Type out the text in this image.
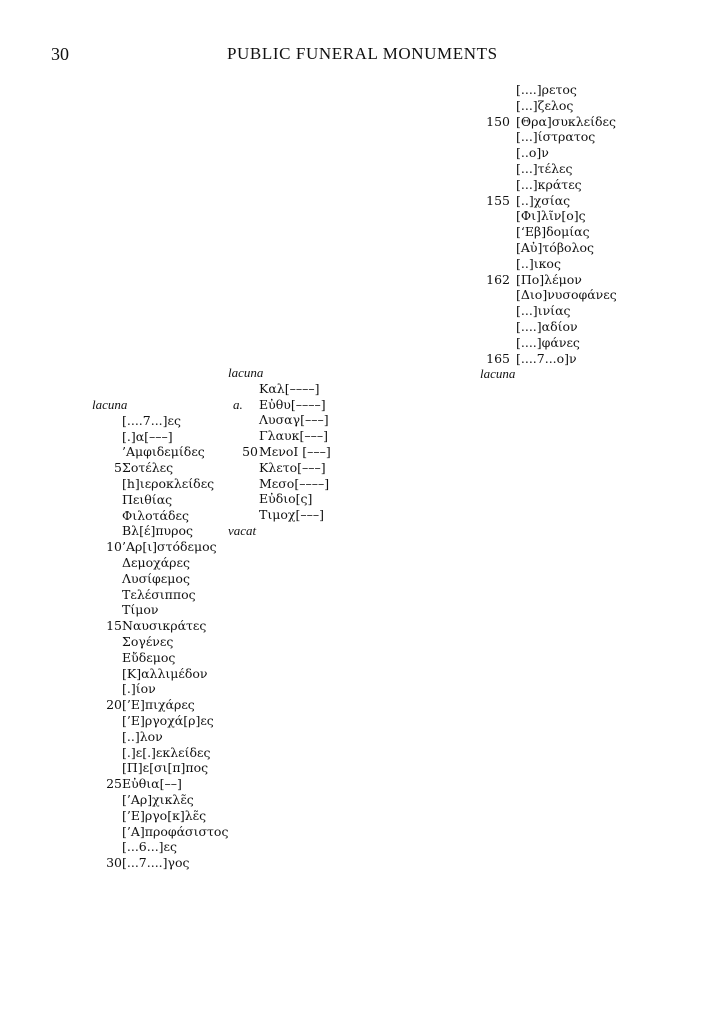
30	PUBLIC FUNERAL MONUMENTS
lacuna
[....7...]ες
[.]α[–––]
’Αμφιδεμίδες
5 Σοτέλες
[h]ιεροκλείδες
Πειθίας
Φιλοτάδες
Βλ[έ]πυρος
10 ’Αρ[ι]στόδεμος
Δεμοχάρες
Λυσίφεμος
Τελέσιππος
Τίμον
15 Ναυσικράτες
Σογένες
Εὔδεμος
[Κ]αλλιμέδον
[.]ίον
20 [’Ε]πιχάρες
[’Ε]ργοχά[ρ]ες
[..]λον
[.]ε[.]εκλείδες
[Π]ε[σι[π]πος
25 Εὐθια[––]
[’Αρ]χικλε̃ς
[’Ε]ργο[κ]λε̃ς
[’Α]προφάσιστος
[...6...]ες
30 [...7....]γος
lacuna
Καλ[––––]
a. Εὐθυ[––––]
Λυσαγ[–––]
Γλαυκ[–––]
50 ΜενοΙ [–––]
Κλετο[–––]
Μεσο[––––]
Εὐδιο[ς]
Τιμοχ[–––]
vacat
[....]ρετος
[...]ζελος
150 [Θρα]συκλείδες
[...]ίστρατος
[..ο]ν
[...]τέλες
[...]κράτες
155 [..]χσίας
[Φι]λῖν[ο]ς
[‘Εβ]δομίας
[Αὐ]τόβολος
[..]ικος
162 [Πο]λέμον
[Διο]νυσοφάνες
[...]ινίας
[....]αδίον
[....]φάνες
165 [....7...ο]ν
lacuna
